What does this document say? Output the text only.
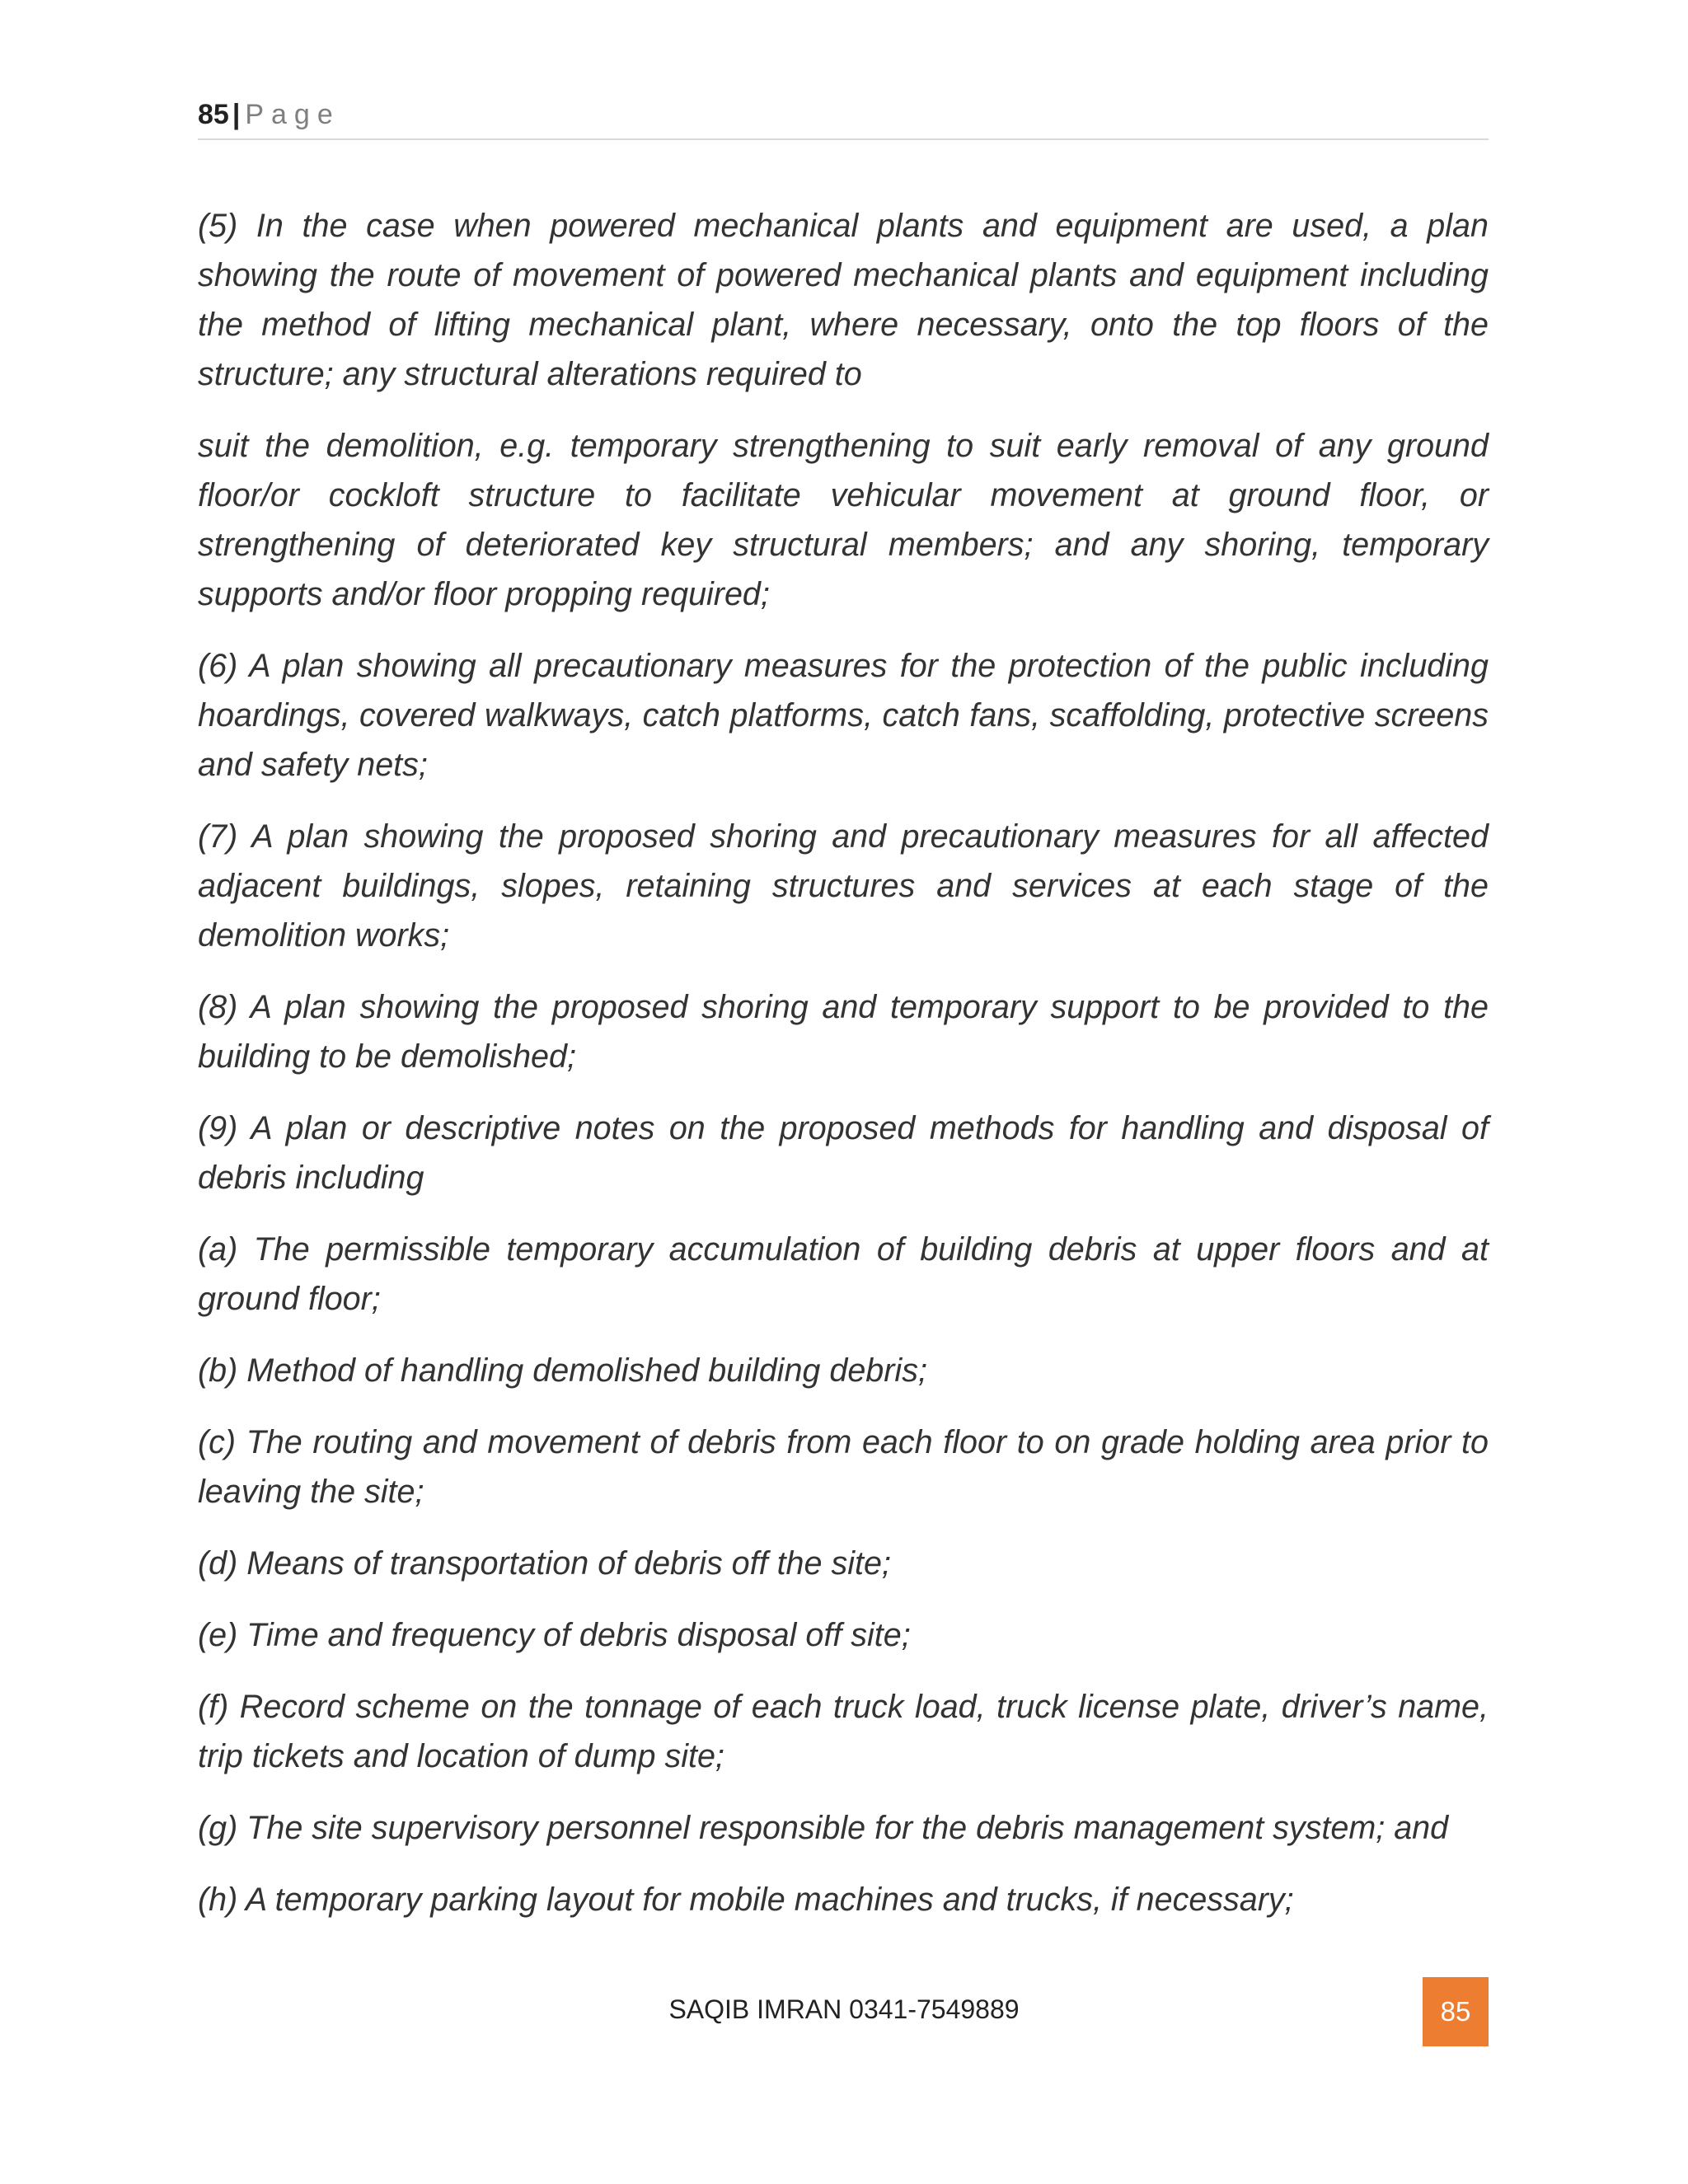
85 | Page

(5) In the case when powered mechanical plants and equipment are used, a plan showing the route of movement of powered mechanical plants and equipment including the method of lifting mechanical plant, where necessary, onto the top floors of the structure; any structural alterations required to

suit the demolition, e.g. temporary strengthening to suit early removal of any ground floor/or cockloft structure to facilitate vehicular movement at ground floor, or strengthening of deteriorated key structural members; and any shoring, temporary supports and/or floor propping required;

(6) A plan showing all precautionary measures for the protection of the public including hoardings, covered walkways, catch platforms, catch fans, scaffolding, protective screens and safety nets;

(7) A plan showing the proposed shoring and precautionary measures for all affected adjacent buildings, slopes, retaining structures and services at each stage of the demolition works;

(8) A plan showing the proposed shoring and temporary support to be provided to the building to be demolished;

(9) A plan or descriptive notes on the proposed methods for handling and disposal of debris including

(a) The permissible temporary accumulation of building debris at upper floors and at ground floor;

(b) Method of handling demolished building debris;

(c) The routing and movement of debris from each floor to on grade holding area prior to leaving the site;

(d) Means of transportation of debris off the site;

(e) Time and frequency of debris disposal off site;

(f) Record scheme on the tonnage of each truck load, truck license plate, driver’s name, trip tickets and location of dump site;

(g) The site supervisory personnel responsible for the debris management system; and

(h) A temporary parking layout for mobile machines and trucks, if necessary;

SAQIB IMRAN 0341-7549889	85
